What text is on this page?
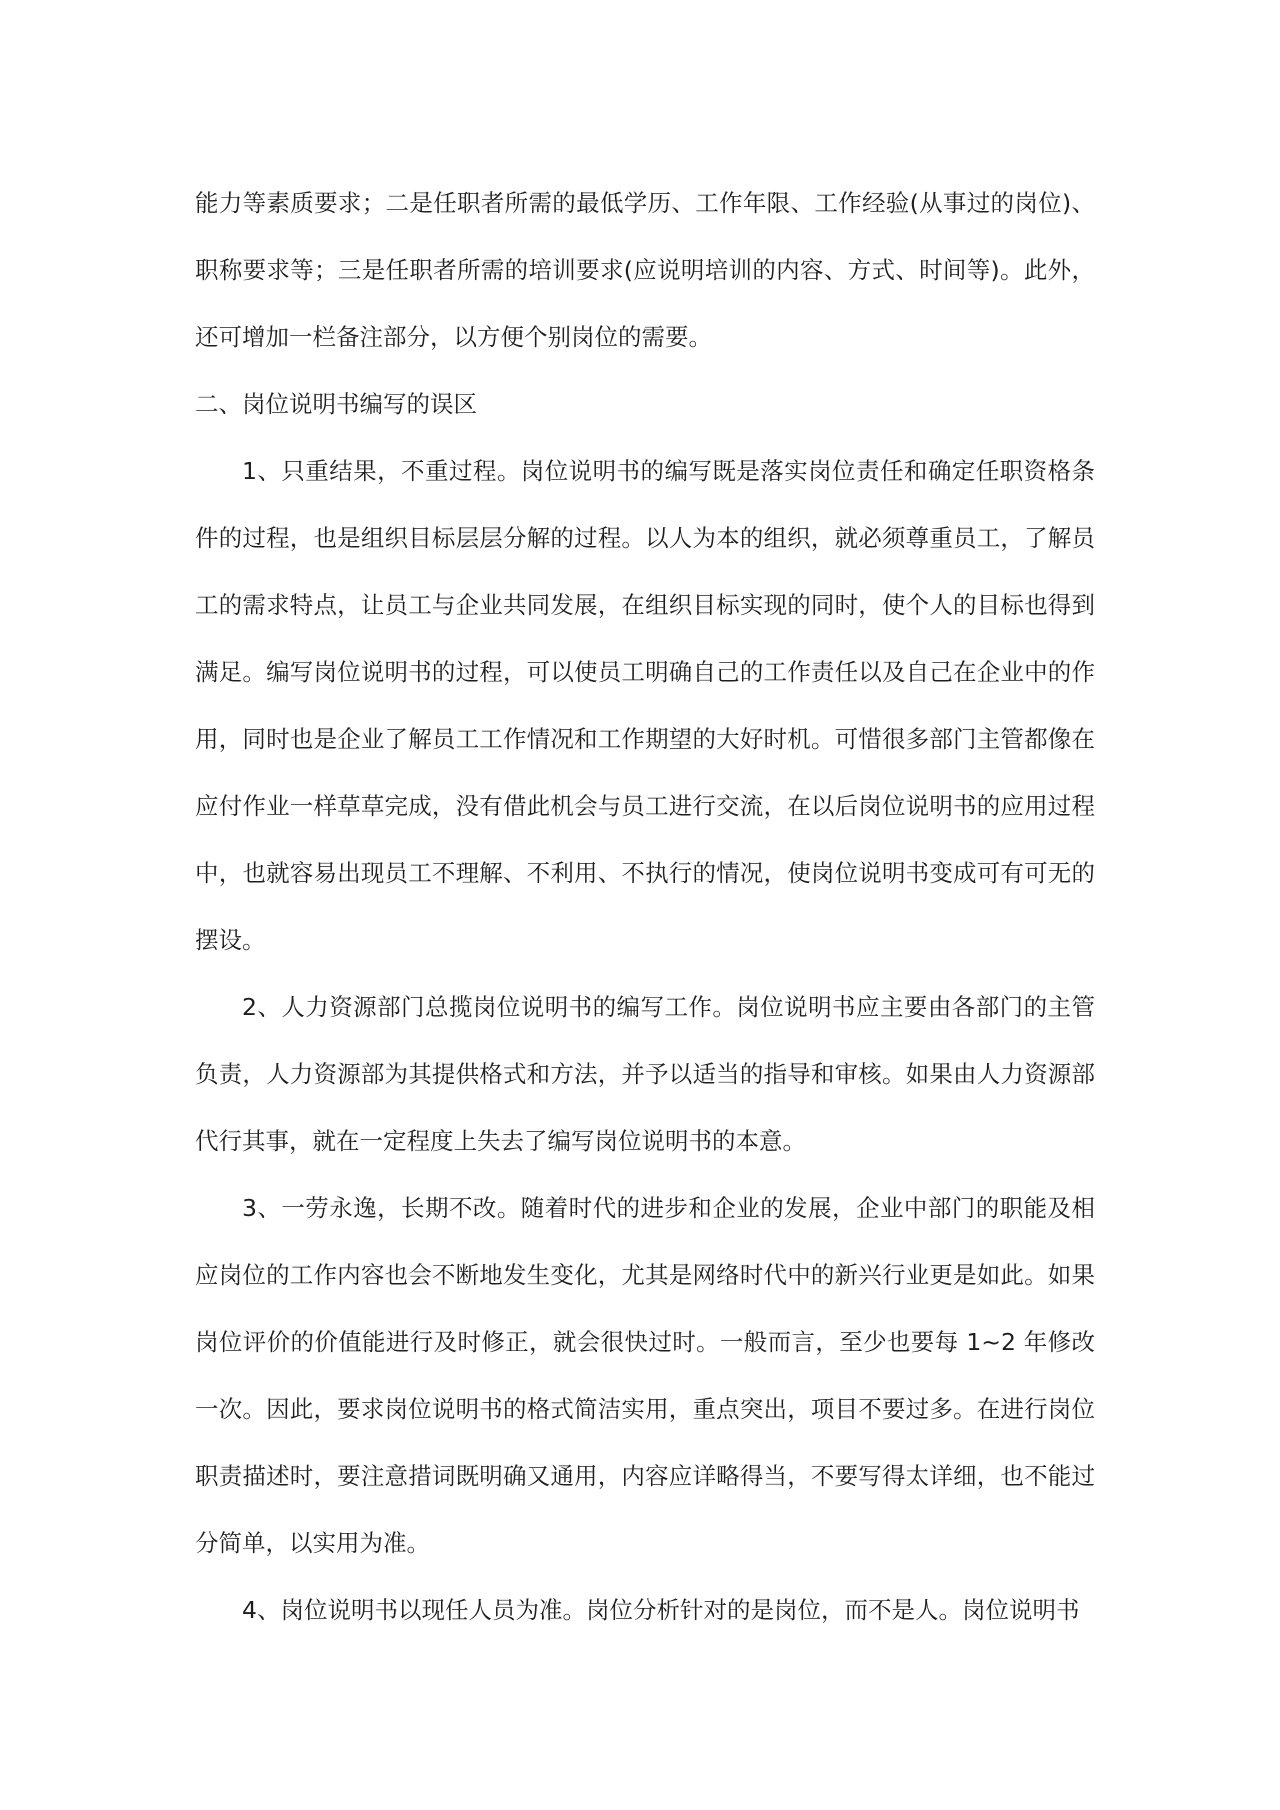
能力等素质要求；二是任职者所需的最低学历、工作年限、工作经验(从事过的岗位)、职称要求等；三是任职者所需的培训要求(应说明培训的内容、方式、时间等)。此外，还可增加一栏备注部分，以方便个别岗位的需要。

二、岗位说明书编写的误区

1、只重结果，不重过程。岗位说明书的编写既是落实岗位责任和确定任职资格条件的过程，也是组织目标层层分解的过程。以人为本的组织，就必须尊重员工，了解员工的需求特点，让员工与企业共同发展，在组织目标实现的同时，使个人的目标也得到满足。编写岗位说明书的过程，可以使员工明确自己的工作责任以及自己在企业中的作用，同时也是企业了解员工工作情况和工作期望的大好时机。可惜很多部门主管都像在应付作业一样草草完成，没有借此机会与员工进行交流，在以后岗位说明书的应用过程中，也就容易出现员工不理解、不利用、不执行的情况，使岗位说明书变成可有可无的摆设。

2、人力资源部门总揽岗位说明书的编写工作。岗位说明书应主要由各部门的主管负责，人力资源部为其提供格式和方法，并予以适当的指导和审核。如果由人力资源部代行其事，就在一定程度上失去了编写岗位说明书的本意。

3、一劳永逸，长期不改。随着时代的进步和企业的发展，企业中部门的职能及相应岗位的工作内容也会不断地发生变化，尤其是网络时代中的新兴行业更是如此。如果岗位评价的价值能进行及时修正，就会很快过时。一般而言，至少也要每 1~2 年修改一次。因此，要求岗位说明书的格式简洁实用，重点突出，项目不要过多。在进行岗位职责描述时，要注意措词既明确又通用，内容应详略得当，不要写得太详细，也不能过分简单，以实用为准。

4、岗位说明书以现任人员为准。岗位分析针对的是岗位，而不是人。岗位说明书
